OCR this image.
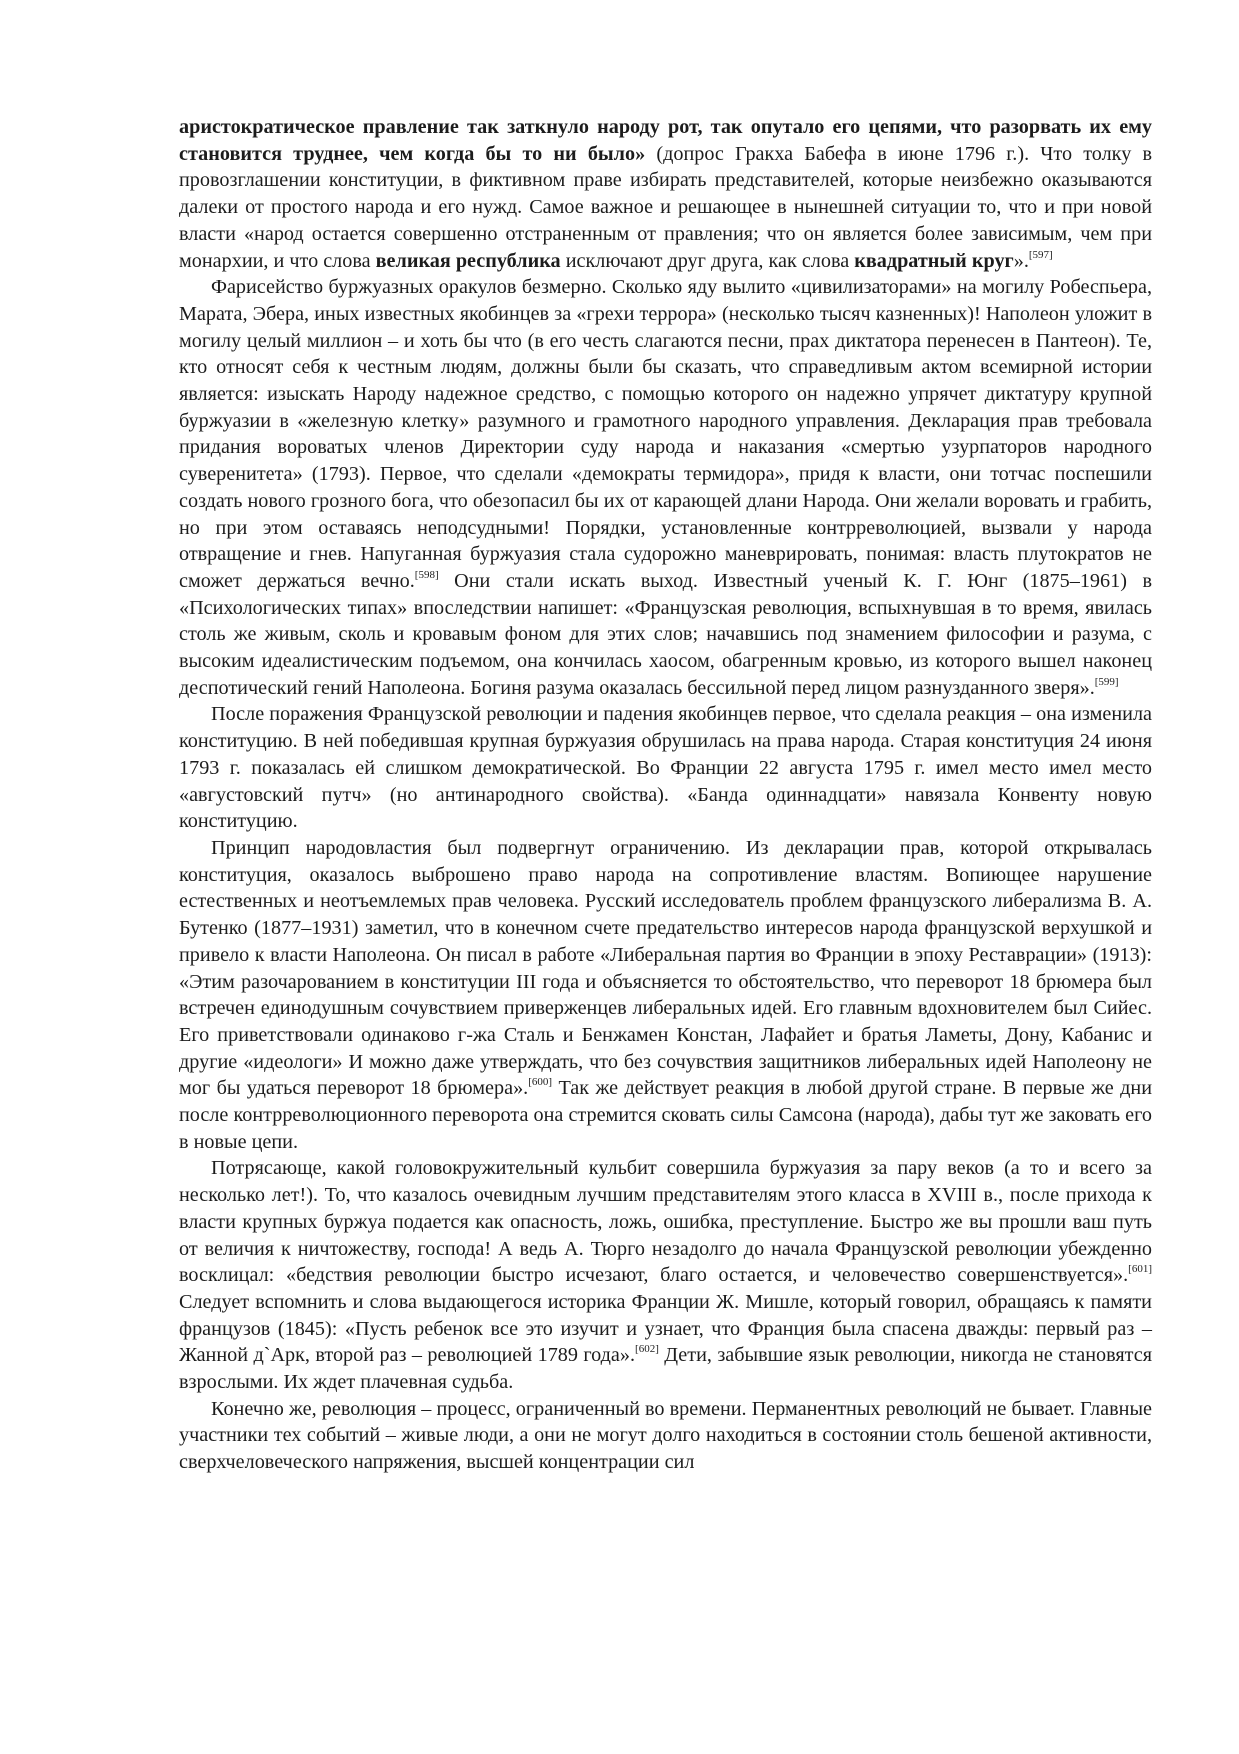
аристократическое правление так заткнуло народу рот, так опутало его цепями, что разорвать их ему становится труднее, чем когда бы то ни было» (допрос Гракха Бабефа в июне 1796 г.). Что толку в провозглашении конституции, в фиктивном праве избирать представителей, которые неизбежно оказываются далеки от простого народа и его нужд. Самое важное и решающее в нынешней ситуации то, что и при новой власти «народ остается совершенно отстраненным от правления; что он является более зависимым, чем при монархии, и что слова великая республика исключают друг друга, как слова квадратный круг».[597]

Фарисейство буржуазных оракулов безмерно. Сколько яду вылито «цивилизаторами» на могилу Робеспьера, Марата, Эбера, иных известных якобинцев за «грехи террора» (несколько тысяч казненных)! Наполеон уложит в могилу целый миллион – и хоть бы что (в его честь слагаются песни, прах диктатора перенесен в Пантеон). Те, кто относят себя к честным людям, должны были бы сказать, что справедливым актом всемирной истории является: изыскать Народу надежное средство, с помощью которого он надежно упрячет диктатуру крупной буржуазии в «железную клетку» разумного и грамотного народного управления. Декларация прав требовала придания вороватых членов Директории суду народа и наказания «смертью узурпаторов народного суверенитета» (1793). Первое, что сделали «демократы термидора», придя к власти, они тотчас поспешили создать нового грозного бога, что обезопасил бы их от карающей длани Народа. Они желали воровать и грабить, но при этом оставаясь неподсудными! Порядки, установленные контрреволюцией, вызвали у народа отвращение и гнев. Напуганная буржуазия стала судорожно маневрировать, понимая: власть плутократов не сможет держаться вечно.[598] Они стали искать выход. Известный ученый К. Г. Юнг (1875–1961) в «Психологических типах» впоследствии напишет: «Французская революция, вспыхнувшая в то время, явилась столь же живым, сколь и кровавым фоном для этих слов; начавшись под знамением философии и разума, с высоким идеалистическим подъемом, она кончилась хаосом, обагренным кровью, из которого вышел наконец деспотический гений Наполеона. Богиня разума оказалась бессильной перед лицом разнузданного зверя».[599]

После поражения Французской революции и падения якобинцев первое, что сделала реакция – она изменила конституцию. В ней победившая крупная буржуазия обрушилась на права народа. Старая конституция 24 июня 1793 г. показалась ей слишком демократической. Во Франции 22 августа 1795 г. имел место имел место «августовский путч» (но антинародного свойства). «Банда одиннадцати» навязала Конвенту новую конституцию.

Принцип народовластия был подвергнут ограничению. Из декларации прав, которой открывалась конституция, оказалось выброшено право народа на сопротивление властям. Вопиющее нарушение естественных и неотъемлемых прав человека. Русский исследователь проблем французского либерализма В. А. Бутенко (1877–1931) заметил, что в конечном счете предательство интересов народа французской верхушкой и привело к власти Наполеона. Он писал в работе «Либеральная партия во Франции в эпоху Реставрации» (1913): «Этим разочарованием в конституции III года и объясняется то обстоятельство, что переворот 18 брюмера был встречен единодушным сочувствием приверженцев либеральных идей. Его главным вдохновителем был Сийес. Его приветствовали одинаково г-жа Сталь и Бенжамен Констан, Лафайет и братья Ламеты, Дону, Кабанис и другие «идеологи» И можно даже утверждать, что без сочувствия защитников либеральных идей Наполеону не мог бы удаться переворот 18 брюмера».[600] Так же действует реакция в любой другой стране. В первые же дни после контрреволюционного переворота она стремится сковать силы Самсона (народа), дабы тут же заковать его в новые цепи.

Потрясающе, какой головокружительный кульбит совершила буржуазия за пару веков (а то и всего за несколько лет!). То, что казалось очевидным лучшим представителям этого класса в XVIII в., после прихода к власти крупных буржуа подается как опасность, ложь, ошибка, преступление. Быстро же вы прошли ваш путь от величия к ничтожеству, господа! А ведь А. Тюрго незадолго до начала Французской революции убежденно восклицал: «бедствия революции быстро исчезают, благо остается, и человечество совершенствуется».[601] Следует вспомнить и слова выдающегося историка Франции Ж. Мишле, который говорил, обращаясь к памяти французов (1845): «Пусть ребенок все это изучит и узнает, что Франция была спасена дважды: первый раз – Жанной д`Арк, второй раз – революцией 1789 года».[602] Дети, забывшие язык революции, никогда не становятся взрослыми. Их ждет плачевная судьба.

Конечно же, революция – процесс, ограниченный во времени. Перманентных революций не бывает. Главные участники тех событий – живые люди, а они не могут долго находиться в состоянии столь бешеной активности, сверхчеловеческого напряжения, высшей концентрации сил
